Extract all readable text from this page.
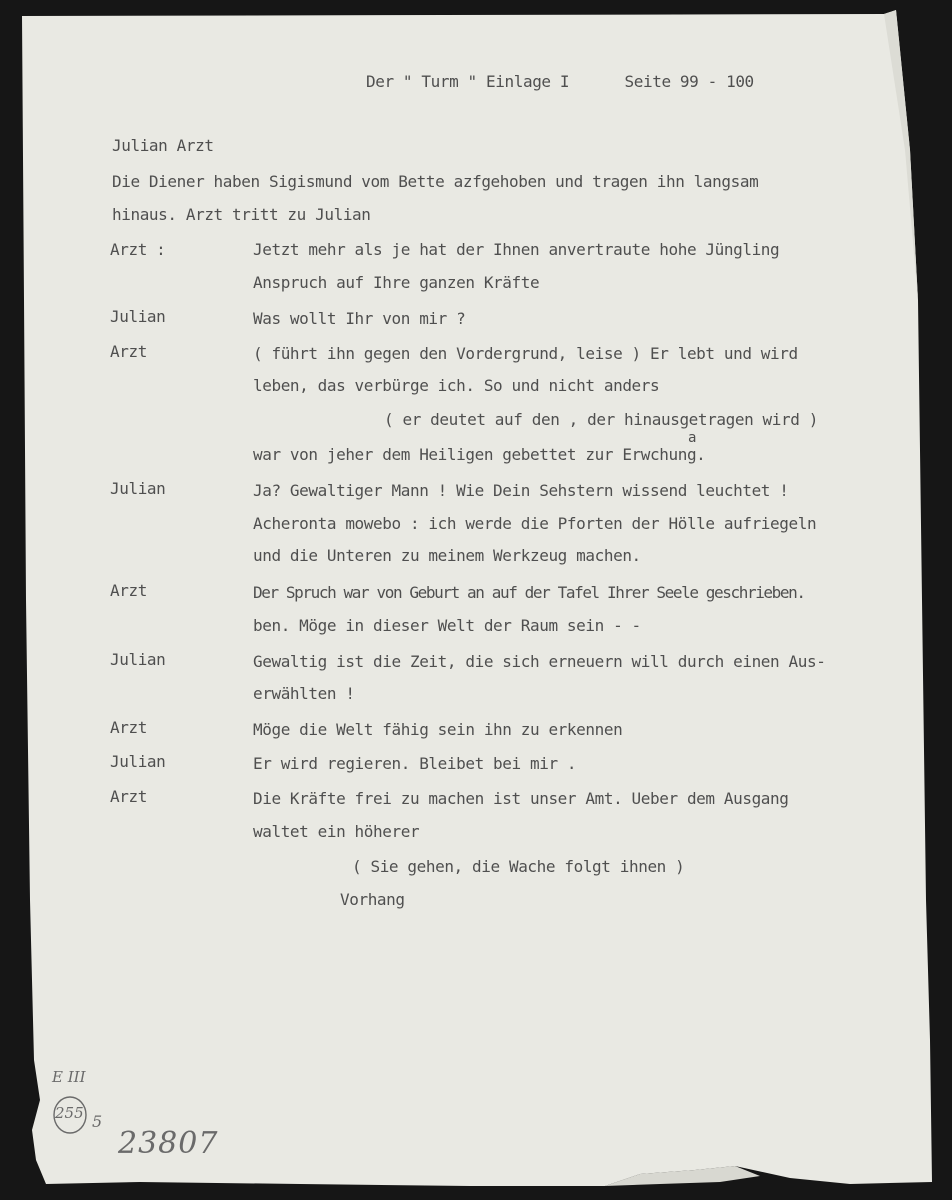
Der " Turm " Einlage I      Seite 99 - 100
Julian Arzt
Die Diener haben Sigismund vom Bette azfgehoben und tragen ihn langsam
hinaus. Arzt tritt zu Julian
Arzt :	Jetzt mehr als je hat der Ihnen anvertraute hohe Jüngling
Anspruch auf Ihre ganzen Kräfte
Julian	Was wollt Ihr von mir ?
Arzt	( führt ihn gegen den Vordergrund, leise ) Er lebt und wird
leben, das verbürge ich. So und nicht anders
( er deutet auf den , der hinausgetragen wird )
a
war von jeher dem Heiligen gebettet zur Erwchung.
Julian	Ja? Gewaltiger Mann ! Wie Dein Sehstern wissend leuchtet !
Acheronta mowebo : ich werde die Pforten der Hölle aufriegeln
und die Unteren zu meinem Werkzeug machen.
Arzt	Der Spruch war von Geburt an auf der Tafel Ihrer Seele geschrieben.
ben. Möge in dieser Welt der Raum sein - -
Julian	Gewaltig ist die Zeit, die sich erneuern will durch einen Aus-
erwählten !
Arzt	Möge die Welt fähig sein ihn zu erkennen
Julian	Er wird regieren. Bleibet bei mir .
Arzt	Die Kräfte frei zu machen ist unser Amt. Ueber dem Ausgang
waltet ein höherer
( Sie gehen, die Wache folgt ihnen )
Vorhang
E III
255 5
23807
